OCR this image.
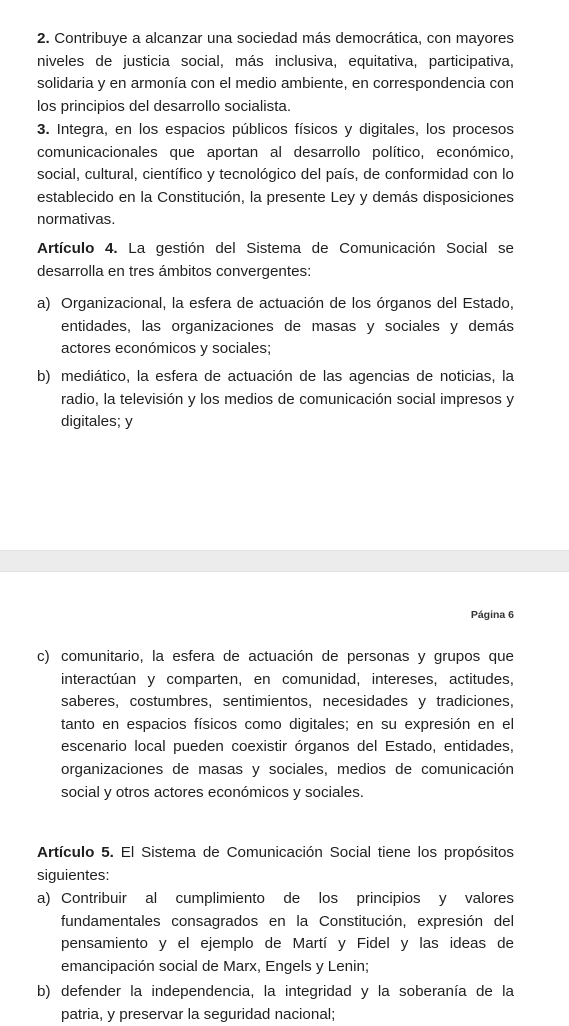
2. Contribuye a alcanzar una sociedad más democrática, con mayores niveles de justicia social, más inclusiva, equitativa, participativa, solidaria y en armonía con el medio ambiente, en correspondencia con los principios del desarrollo socialista.

3. Integra, en los espacios públicos físicos y digitales, los procesos comunicacionales que aportan al desarrollo político, económico, social, cultural, científico y tecnológico del país, de conformidad con lo establecido en la Constitución, la presente Ley y demás disposiciones normativas.

Artículo 4. La gestión del Sistema de Comunicación Social se desarrolla en tres ámbitos convergentes:

a) Organizacional, la esfera de actuación de los órganos del Estado, entidades, las organizaciones de masas y sociales y demás actores económicos y sociales;
b) mediático, la esfera de actuación de las agencias de noticias, la radio, la televisión y los medios de comunicación social impresos y digitales; y
Página 6
c) comunitario, la esfera de actuación de personas y grupos que interactúan y comparten, en comunidad, intereses, actitudes, saberes, costumbres, sentimientos, necesidades y tradiciones, tanto en espacios físicos como digitales; en su expresión en el escenario local pueden coexistir órganos del Estado, entidades, organizaciones de masas y sociales, medios de comunicación social y otros actores económicos y sociales.

Artículo 5. El Sistema de Comunicación Social tiene los propósitos siguientes:

a) Contribuir al cumplimiento de los principios y valores fundamentales consagrados en la Constitución, expresión del pensamiento y el ejemplo de Martí y Fidel y las ideas de emancipación social de Marx, Engels y Lenin;
b) defender la independencia, la integridad y la soberanía de la patria, y preservar la seguridad nacional;
